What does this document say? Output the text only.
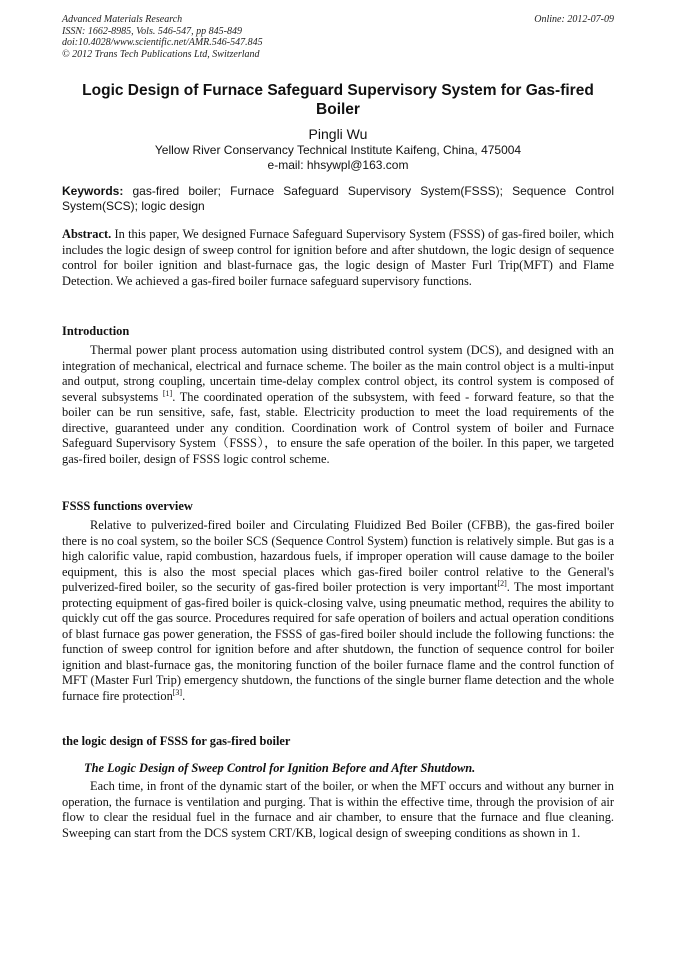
Advanced Materials Research
ISSN: 1662-8985, Vols. 546-547, pp 845-849
doi:10.4028/www.scientific.net/AMR.546-547.845
© 2012 Trans Tech Publications Ltd, Switzerland
Online: 2012-07-09
Logic Design of Furnace Safeguard Supervisory System for Gas-fired
Boiler
Pingli Wu
Yellow River Conservancy Technical Institute Kaifeng, China, 475004
e-mail: hhsywpl@163.com
Keywords: gas-fired boiler; Furnace Safeguard Supervisory System(FSSS); Sequence Control System(SCS); logic design
Abstract. In this paper, We designed Furnace Safeguard Supervisory System (FSSS) of gas-fired boiler, which includes the logic design of sweep control for ignition before and after shutdown, the logic design of sequence control for boiler ignition and blast-furnace gas, the logic design of Master Furl Trip(MFT) and Flame Detection. We achieved a gas-fired boiler furnace safeguard supervisory functions.
Introduction
Thermal power plant process automation using distributed control system (DCS), and designed with an integration of mechanical, electrical and furnace scheme. The boiler as the main control object is a multi-input and output, strong coupling, uncertain time-delay complex control object, its control system is composed of several subsystems [1]. The coordinated operation of the subsystem, with feed - forward feature, so that the boiler can be run sensitive, safe, fast, stable. Electricity production to meet the load requirements of the directive, guaranteed under any condition. Coordination work of Control system of boiler and Furnace Safeguard Supervisory System（FSSS），to ensure the safe operation of the boiler. In this paper, we targeted gas-fired boiler, design of FSSS logic control scheme.
FSSS functions overview
Relative to pulverized-fired boiler and Circulating Fluidized Bed Boiler (CFBB), the gas-fired boiler there is no coal system, so the boiler SCS (Sequence Control System) function is relatively simple. But gas is a high calorific value, rapid combustion, hazardous fuels, if improper operation will cause damage to the boiler equipment, this is also the most special places which gas-fired boiler control relative to the General's pulverized-fired boiler, so the security of gas-fired boiler protection is very important[2]. The most important protecting equipment of gas-fired boiler is quick-closing valve, using pneumatic method, requires the ability to quickly cut off the gas source. Procedures required for safe operation of boilers and actual operation conditions of blast furnace gas power generation, the FSSS of gas-fired boiler should include the following functions: the function of sweep control for ignition before and after shutdown, the function of sequence control for boiler ignition and blast-furnace gas, the monitoring function of the boiler furnace flame and the control function of MFT (Master Furl Trip) emergency shutdown, the functions of the single burner flame detection and the whole furnace fire protection[3].
the logic design of FSSS for gas-fired boiler
The Logic Design of Sweep Control for Ignition Before and After Shutdown.
Each time, in front of the dynamic start of the boiler, or when the MFT occurs and without any burner in operation, the furnace is ventilation and purging. That is within the effective time, through the provision of air flow to clear the residual fuel in the furnace and air chamber, to ensure that the furnace and flue cleaning. Sweeping can start from the DCS system CRT/KB, logical design of sweeping conditions as shown in 1.
